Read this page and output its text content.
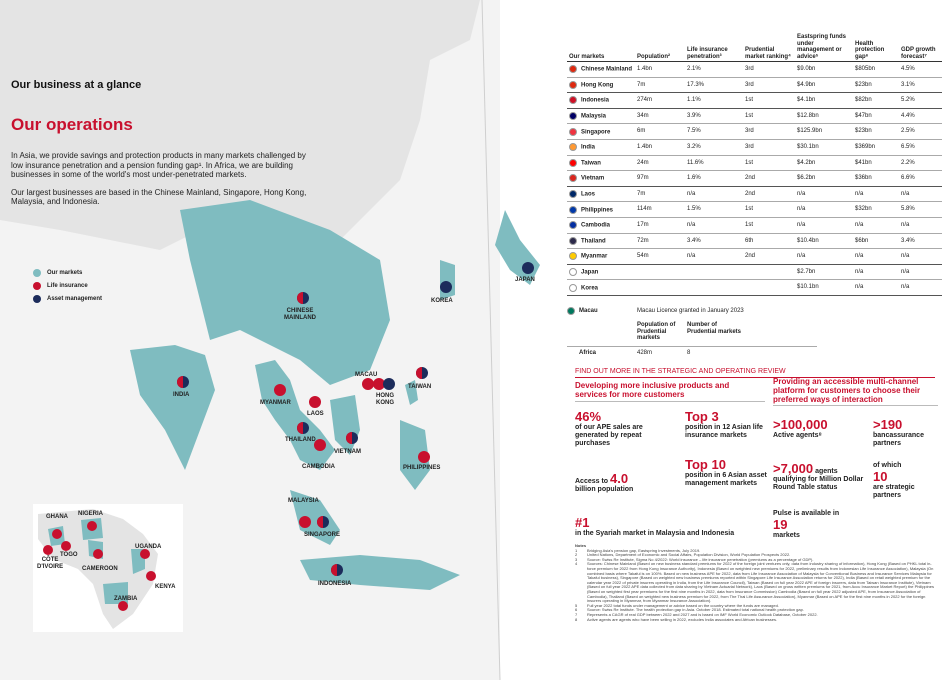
Our business at a glance
Our operations

In Asia, we provide savings and protection products in many markets challenged by low insurance penetration and a pension funding gap¹. In Africa, we are building businesses in some of the world's most under-penetrated markets.

Our largest businesses are based in the Chinese Mainland, Singapore, Hong Kong, Malaysia, and Indonesia.

Our markets
Life insurance
Asset management
CHINESE
MAINLAND
KOREA
JAPAN
INDIA
MYANMAR
LAOS
THAILAND
CAMBODIA
VIETNAM
MACAU
HONG
KONG
TAIWAN
PHILIPPINES
MALAYSIA
SINGAPORE
INDONESIA
GHANA NIGERIA
TOGO
CÔTE
D'IVOIRE	CAMEROON
UGANDA
KENYA
ZAMBIA
Our markets	Population²	Life insurance penetration³	Prudential market ranking⁴	Eastspring funds under management or advice⁵	Health protection gap⁶	GDP growth forecast⁷
Chinese Mainland	1.4bn	2.1%	3rd	$9.0bn	$805bn	4.5%
Hong Kong	7m	17.3%	3rd	$4.9bn	$23bn	3.1%
Indonesia	274m	1.1%	1st	$4.1bn	$82bn	5.2%
Malaysia	34m	3.9%	1st	$12.8bn	$47bn	4.4%
Singapore	6m	7.5%	3rd	$125.9bn	$23bn	2.5%
India	1.4bn	3.2%	3rd	$30.1bn	$369bn	6.5%
Taiwan	24m	11.6%	1st	$4.2bn	$41bn	2.2%
Vietnam	97m	1.6%	2nd	$6.2bn	$36bn	6.6%
Laos	7m	n/a	2nd	n/a	n/a	n/a
Philippines	114m	1.5%	1st	n/a	$32bn	5.8%
Cambodia	17m	n/a	1st	n/a	n/a	n/a
Thailand	72m	3.4%	6th	$10.4bn	$6bn	3.4%
Myanmar	54m	n/a	2nd	n/a	n/a	n/a
Japan				$2.7bn	n/a	n/a
Korea				$10.1bn	n/a	n/a
Macau	Macau Licence granted in January 2023
Population of Prudential markets
Number of Prudential markets
Africa	428m	8
FIND OUT MORE IN THE STRATEGIC AND OPERATING REVIEW
Developing more inclusive products and services for more customers
Providing an accessible multi-channel platform for customers to choose their preferred ways of interaction
46%
of our APE sales are generated by repeat purchases
Top 3
position in 12 Asian life insurance markets
Access to 4.0
billion population
Top 10
position in 6 Asian asset management markets
#1
in the Syariah market in Malaysia and Indonesia
>100,000
Active agents⁸
>190
bancassurance partners
>7,000 agents
qualifying for Million Dollar Round Table status
of which
10
are strategic partners
Pulse is available in
19
markets
Notes
1	Bridging Asia's pension gap, Eastspring Investments, July 2019.
2	United Nations, Department of Economic and Social Affairs, Population Division, World Population Prospects 2022.
3	Source: Swiss Re Institute, Sigma No 4/2022: World insurance – life insurance penetration (premiums as a percentage of GDP).
4	Sources: Chinese Mainland (Based on new business standard premiums for 2022 of the foreign joint ventures only, data from industry sharing of information), Hong Kong (Based on PHKL total in-force premium for 2022 from Hong Kong Insurance Authority), Indonesia (Based on weighted new premiums for 2022, preliminary results from Indonesian Life Insurance Association), Malaysia (On combined basis where Takaful is on 100%. Based on new business APE for 2022, data from Life Insurance Association of Malaysia for Conventional Business and Insurance Services Malaysia for Takaful business), Singapore (Based on weighted new business premiums reported within Singapore Life Insurance Association returns for 2022), India (Based on retail weighted premium for the calendar year 2022 of private insurers operating in India, from the Life Insurance Council), Taiwan (Based on full year 2022 APE of foreign insurers, data from Taiwan Insurance Institute), Vietnam (Based on full year 2022 APE data collected from data sharing by Vietnam Actuarial Network), Laos (Based on gross written premiums for 2021, from Accu Insurance Market Report) the Philippines (Based on weighted first year premiums for the first nine months in 2022, data from Insurance Commission) Cambodia (Based on full year 2022 adjusted APE, from Insurance Association of Cambodia), Thailand (Based on weighted new business premium for 2022, from The Thai Life Assurance Association), Myanmar (Based on APE for the first nine months in 2022 for the foreign insurers operating in Myanmar, from Myanmar Insurance Association).
5	Full year 2022 total funds under management or advice based on the country where the funds are managed.
6	Source: Swiss Re Institute. The health protection gap in Asia. October 2018. Estimated total national health protection gap.
7	Represents a CAGR of real GDP between 2022 and 2027 and is based on IMF World Economic Outlook Database, October 2022.
8	Active agents are agents who have been selling in 2022, excludes India associates and African businesses.
